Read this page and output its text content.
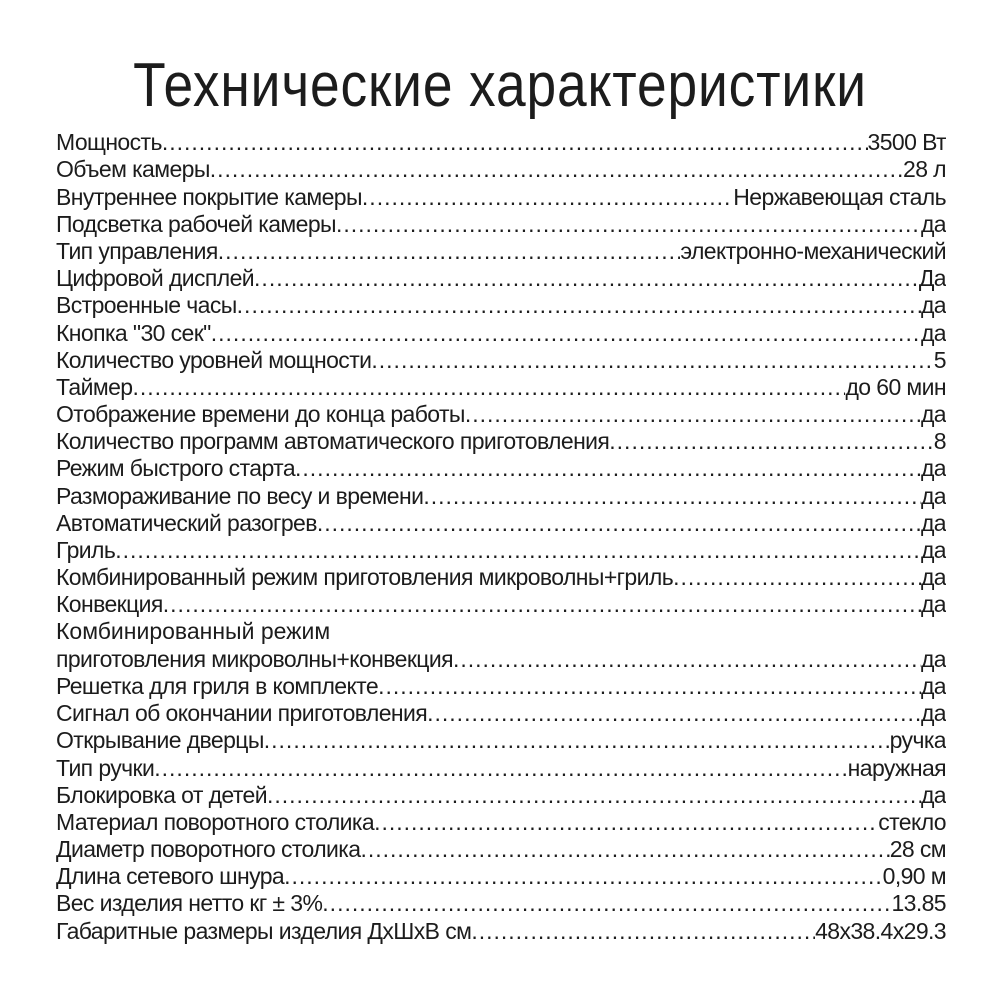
Технические характеристики
Мощность .....	3500 Вт
Объем камеры .....	28 л
Внутреннее покрытие камеры .....	Нержавеющая сталь
Подсветка рабочей камеры .....	да
Тип управления .....	электронно-механический
Цифровой дисплей .....	Да
Встроенные часы .....	да
Кнопка "30 сек" .....	да
Количество уровней мощности .....	5
Таймер .....	до 60 мин
Отображение времени до конца работы .....	да
Количество программ автоматического приготовления .....	8
Режим быстрого старта .....	да
Размораживание по весу и времени .....	да
Автоматический разогрев .....	да
Гриль .....	да
Комбинированный режим приготовления микроволны+гриль .....	да
Конвекция .....	да
Комбинированный режим
приготовления микроволны+конвекция .....	да
Решетка для гриля в комплекте .....	да
Сигнал об окончании приготовления .....	да
Открывание дверцы .....	ручка
Тип ручки .....	наружная
Блокировка от детей .....	да
Материал поворотного столика .....	стекло
Диаметр поворотного столика .....	28 см
Длина сетевого шнура .....	0,90 м
Вес изделия нетто кг ± 3% .....	13.85
Габаритные размеры изделия ДхШхВ см .....	48x38.4x29.3
